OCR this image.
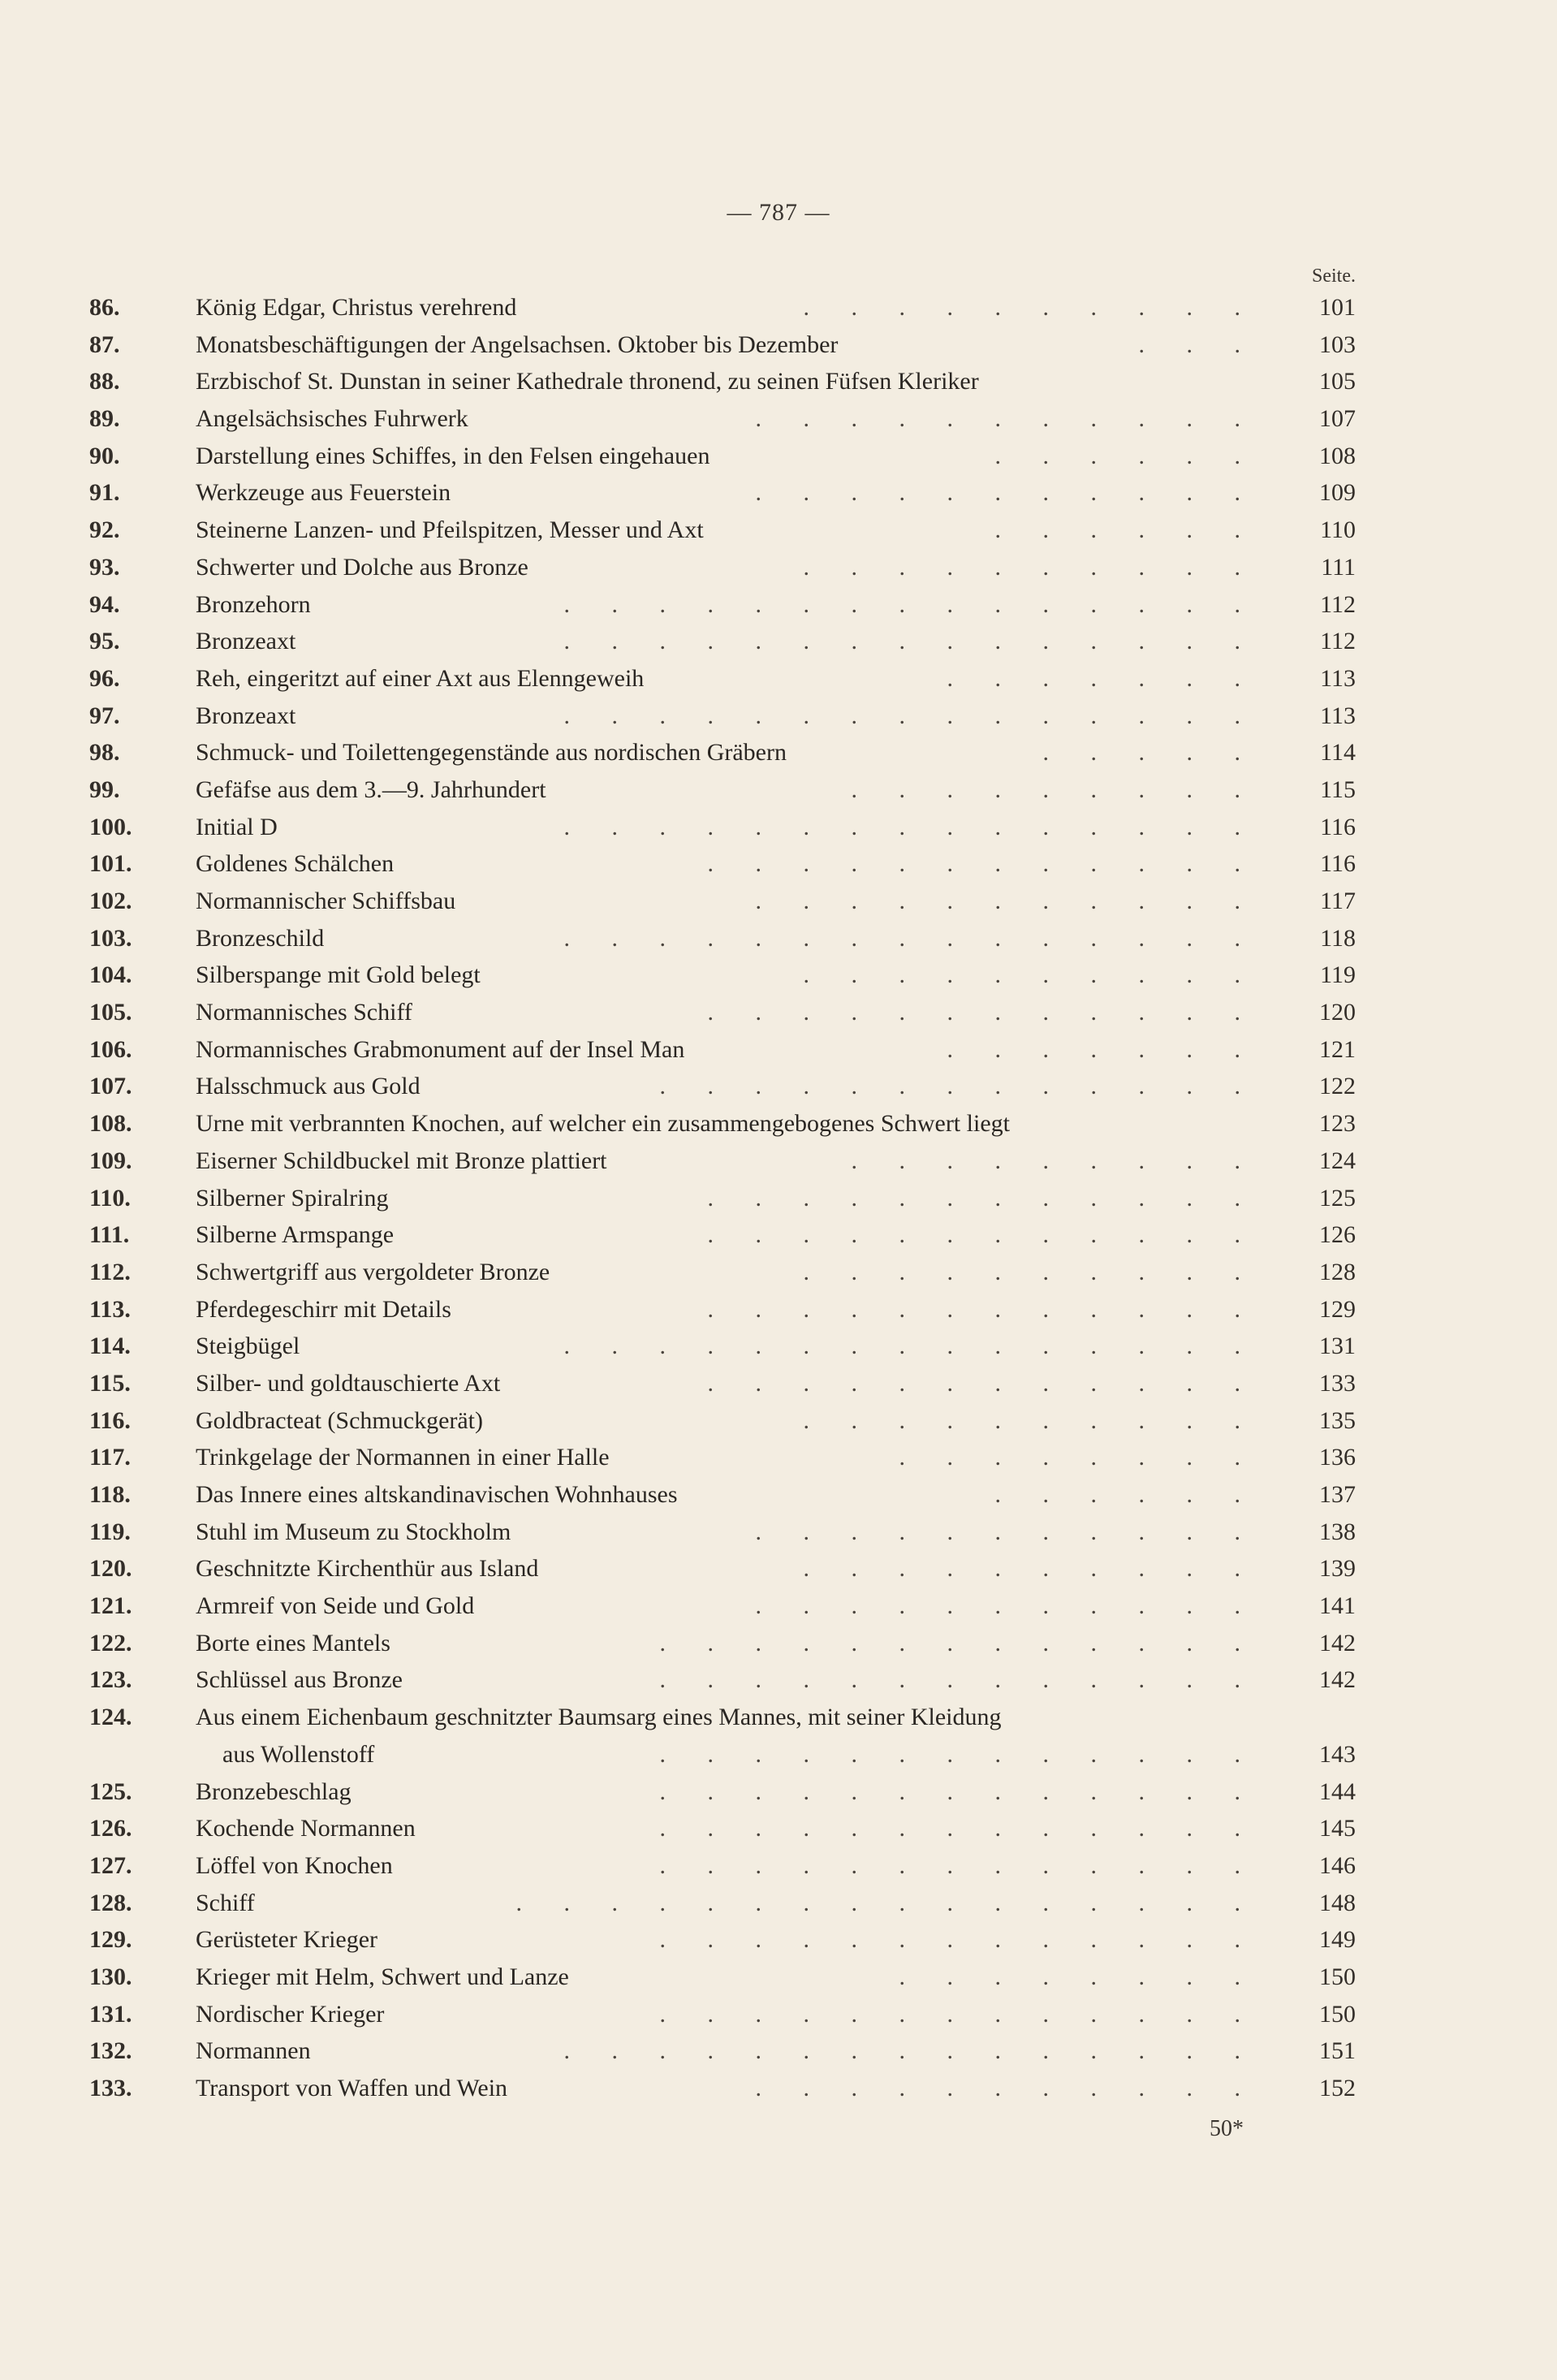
— 787 —
Seite.
86.	König Edgar, Christus verehrend	. . . . . . . . . .	101
87.	Monatsbeschäftigungen der Angelsachsen. Oktober bis Dezember	. . .	103
88.	Erzbischof St. Dunstan in seiner Kathedrale thronend, zu seinen Füfsen Kleriker	105
89.	Angelsächsisches Fuhrwerk	. . . . . . . . . . .	107
90.	Darstellung eines Schiffes, in den Felsen eingehauen	. . . . . .	108
91.	Werkzeuge aus Feuerstein	. . . . . . . . . . .	109
92.	Steinerne Lanzen- und Pfeilspitzen, Messer und Axt	. . . . . .	110
93.	Schwerter und Dolche aus Bronze	. . . . . . . . . .	111
94.	Bronzehorn	. . . . . . . . . . . . . . .	112
95.	Bronzeaxt	. . . . . . . . . . . . . . .	112
96.	Reh, eingeritzt auf einer Axt aus Elenngeweih	. . . . . . .	113
97.	Bronzeaxt	. . . . . . . . . . . . . . .	113
98.	Schmuck- und Toilettengegenstände aus nordischen Gräbern	. . . . .	114
99.	Gefäfse aus dem 3.—9. Jahrhundert	. . . . . . . . .	115
100.	Initial D	. . . . . . . . . . . . . . .	116
101.	Goldenes Schälchen	. . . . . . . . . . . .	116
102.	Normannischer Schiffsbau	. . . . . . . . . . .	117
103.	Bronzeschild	. . . . . . . . . . . . . . .	118
104.	Silberspange mit Gold belegt	. . . . . . . . . .	119
105.	Normannisches Schiff	. . . . . . . . . . . .	120
106.	Normannisches Grabmonument auf der Insel Man	. . . . . . .	121
107.	Halsschmuck aus Gold	. . . . . . . . . . . . .	122
108.	Urne mit verbrannten Knochen, auf welcher ein zusammengebogenes Schwert liegt	123
109.	Eiserner Schildbuckel mit Bronze plattiert	. . . . . . . . .	124
110.	Silberner Spiralring	. . . . . . . . . . . .	125
111.	Silberne Armspange	. . . . . . . . . . . .	126
112.	Schwertgriff aus vergoldeter Bronze	. . . . . . . . . .	128
113.	Pferdegeschirr mit Details	. . . . . . . . . . . .	129
114.	Steigbügel	. . . . . . . . . . . . . . .	131
115.	Silber- und goldtauschierte Axt	. . . . . . . . . . . .	133
116.	Goldbracteat (Schmuckgerät)	. . . . . . . . . .	135
117.	Trinkgelage der Normannen in einer Halle	. . . . . . . .	136
118.	Das Innere eines altskandinavischen Wohnhauses	. . . . . .	137
119.	Stuhl im Museum zu Stockholm	. . . . . . . . . . .	138
120.	Geschnitzte Kirchenthür aus Island	. . . . . . . . . .	139
121.	Armreif von Seide und Gold	. . . . . . . . . . .	141
122.	Borte eines Mantels	. . . . . . . . . . . . .	142
123.	Schlüssel aus Bronze	. . . . . . . . . . . . .	142
124.	Aus einem Eichenbaum geschnitzter Baumsarg eines Mannes, mit seiner Kleidung
aus Wollenstoff	. . . . . . . . . . . . .	143
125.	Bronzebeschlag	. . . . . . . . . . . . .	144
126.	Kochende Normannen	. . . . . . . . . . . . .	145
127.	Löffel von Knochen	. . . . . . . . . . . . .	146
128.	Schiff	. . . . . . . . . . . . . . . .	148
129.	Gerüsteter Krieger	. . . . . . . . . . . . .	149
130.	Krieger mit Helm, Schwert und Lanze	. . . . . . . .	150
131.	Nordischer Krieger	. . . . . . . . . . . . .	150
132.	Normannen	. . . . . . . . . . . . . . .	151
133.	Transport von Waffen und Wein	. . . . . . . . . . .	152
50*
